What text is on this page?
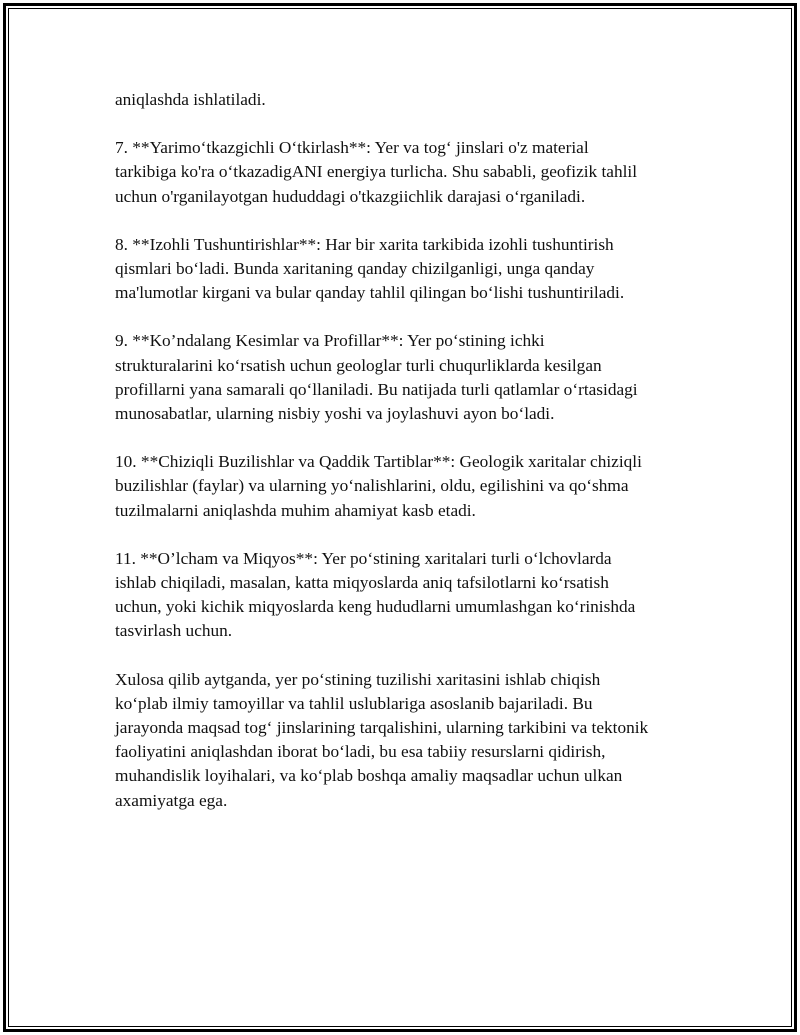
aniqlashda ishlatiladi.

7. **Yarimo‘tkazgichli O‘tkirlash**: Yer va tog‘ jinslari o'z material
tarkibiga ko'ra o‘tkazadigANI energiya turlicha. Shu sababli, geofizik tahlil
uchun o'rganilayotgan hududdagi o'tkazgiichlik darajasi o‘rganiladi.

8. **Izohli Tushuntirishlar**: Har bir xarita tarkibida izohli tushuntirish
qismlari bo‘ladi. Bunda xaritaning qanday chizilganligi, unga qanday
ma'lumotlar kirgani va bular qanday tahlil qilingan bo‘lishi tushuntiriladi.

9. **Ko’ndalang Kesimlar va Profillar**: Yer po‘stining ichki
strukturalarini ko‘rsatish uchun geologlar turli chuqurliklarda kesilgan
profillarni yana samarali qo‘llaniladi. Bu natijada turli qatlamlar o‘rtasidagi
munosabatlar, ularning nisbiy yoshi va joylashuvi ayon bo‘ladi.

10. **Chiziqli Buzilishlar va Qaddik Tartiblar**: Geologik xaritalar chiziqli
buzilishlar (faylar) va ularning yo‘nalishlarini, oldu, egilishini va qo‘shma
tuzilmalarni aniqlashda muhim ahamiyat kasb etadi.

11. **O’lcham va Miqyos**: Yer po‘stining xaritalari turli o‘lchovlarda
ishlab chiqiladi, masalan, katta miqyoslarda aniq tafsilotlarni ko‘rsatish
uchun, yoki kichik miqyoslarda keng hududlarni umumlashgan ko‘rinishda
tasvirlash uchun.

Xulosa qilib aytganda, yer po‘stining tuzilishi xaritasini ishlab chiqish
ko‘plab ilmiy tamoyillar va tahlil uslublariga asoslanib bajariladi. Bu
jarayonda maqsad tog‘ jinslarining tarqalishini, ularning tarkibini va tektonik
faoliyatini aniqlashdan iborat bo‘ladi, bu esa tabiiy resurslarni qidirish,
muhandislik loyihalari, va ko‘plab boshqa amaliy maqsadlar uchun ulkan
axamiyatga ega.
